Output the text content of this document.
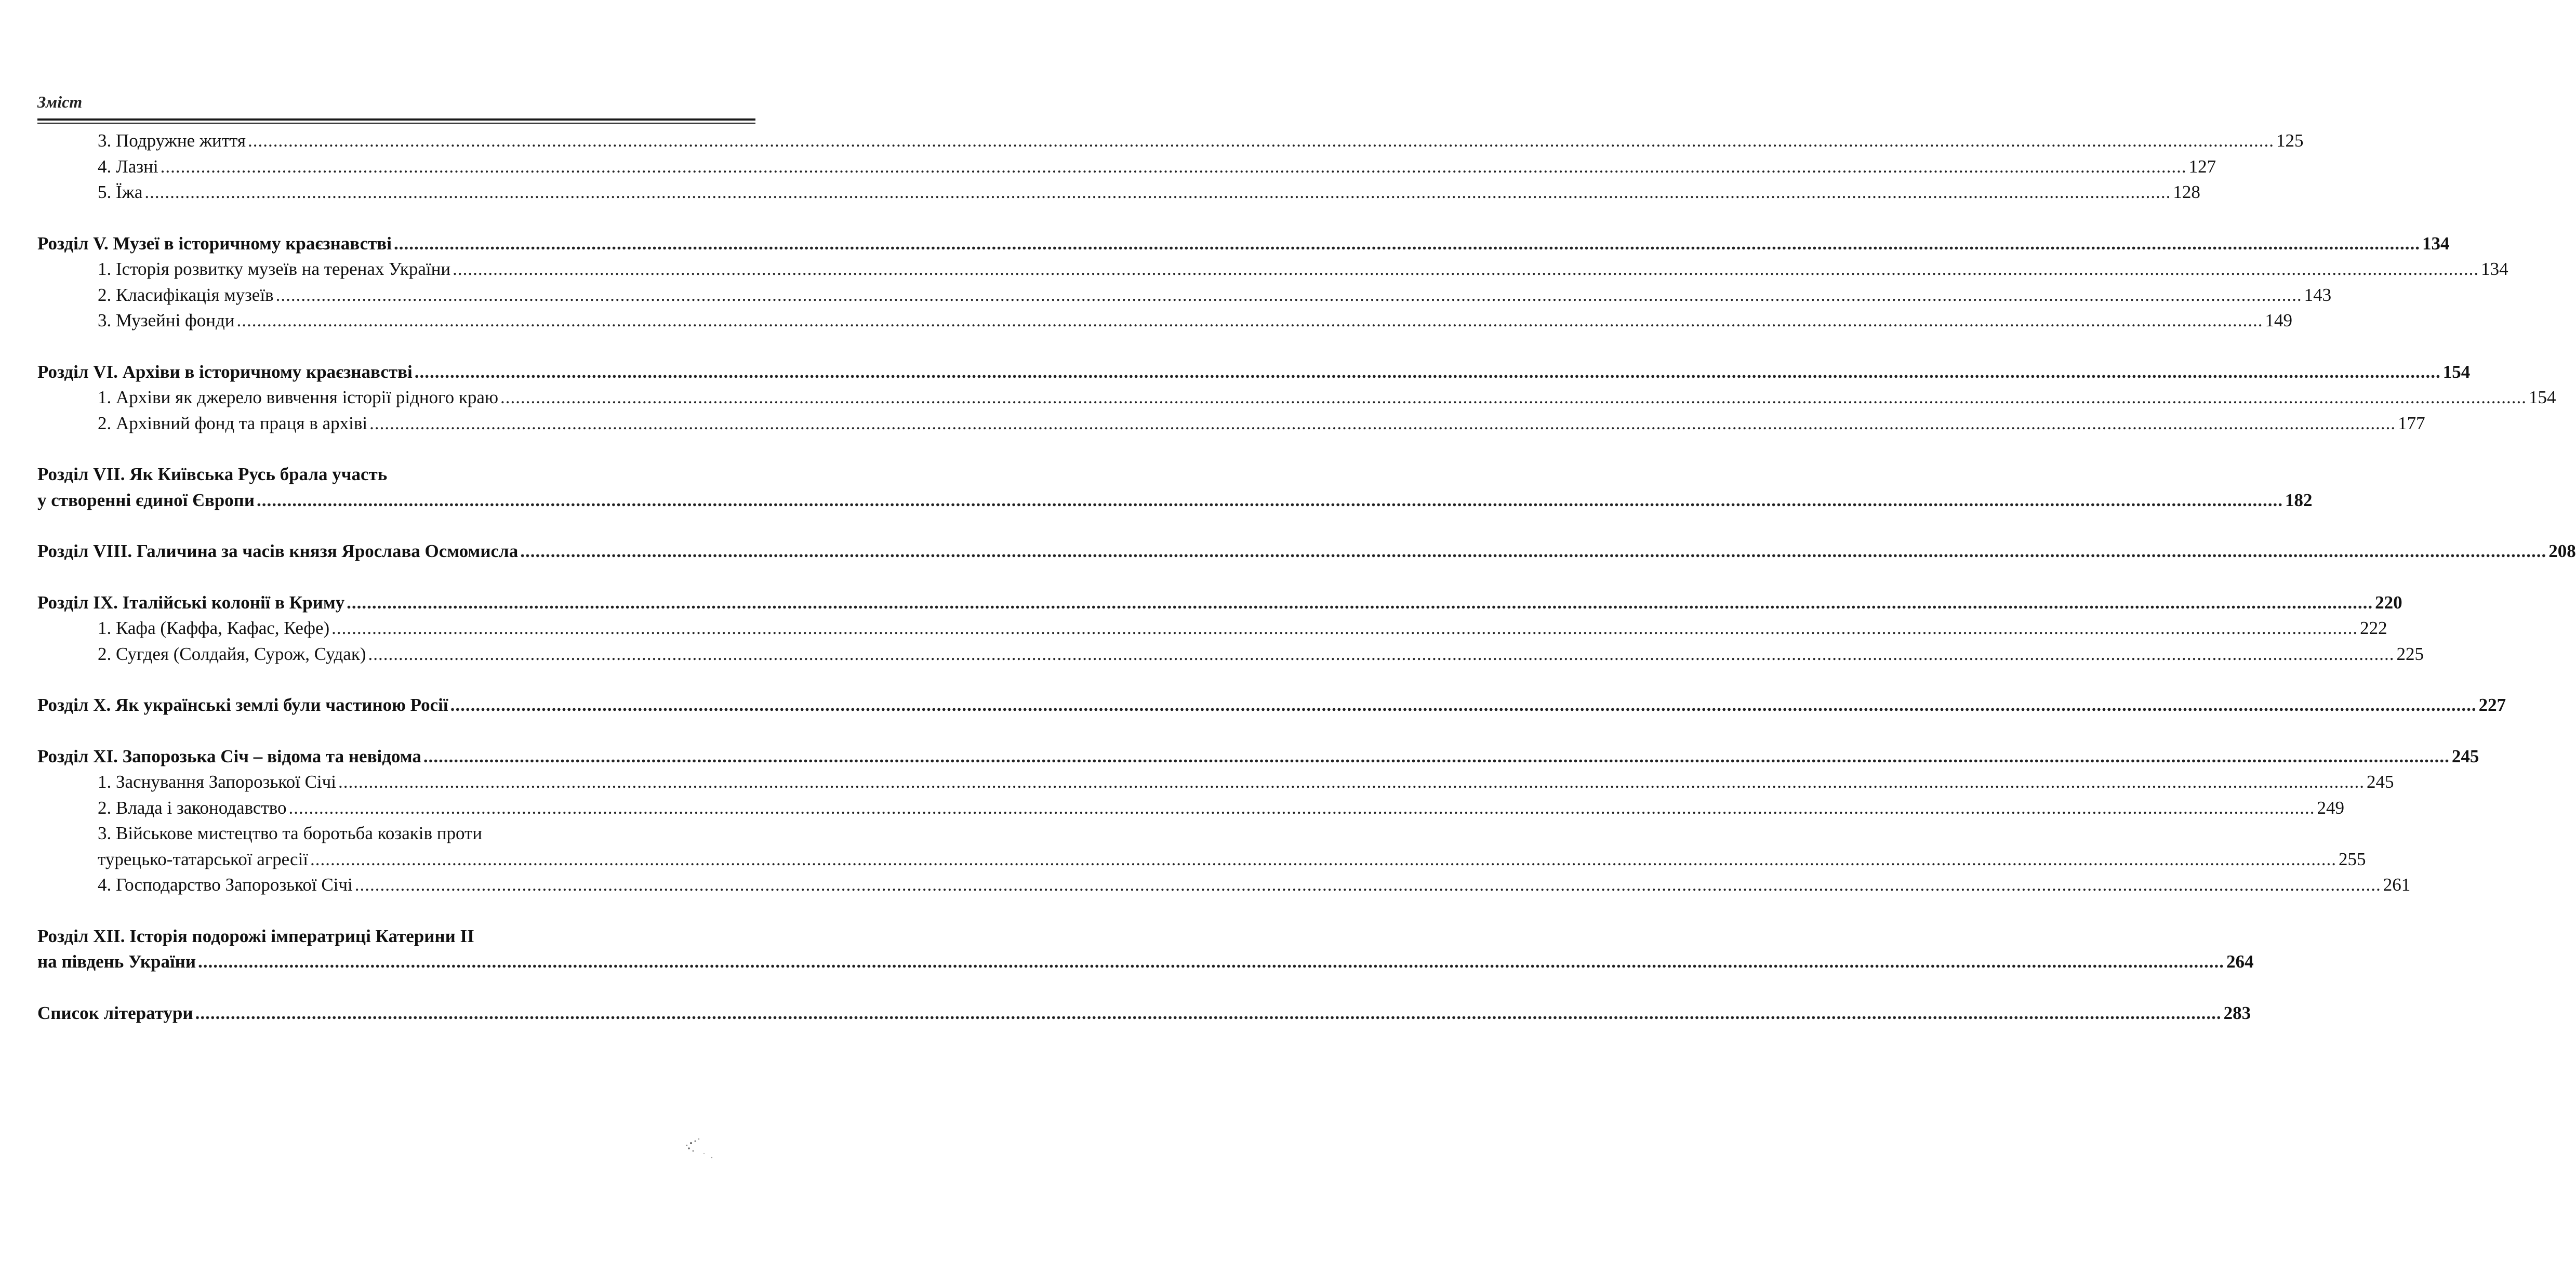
Зміст
3. Подружне життя ................................................................................................................................................................................................................................................................................................................................................................................................................ 125
4. Лазні ................................................................................................................................................................................................................................................................................................................................................................................................................ 127
5. Їжа ................................................................................................................................................................................................................................................................................................................................................................................................................ 128
Розділ V. Музеї в історичному краєзнавстві ................................................................................................................................................................................................................................................................................................................................................................................................................ 134
1. Історія розвитку музеїв на теренах України ................................................................................................................................................................................................................................................................................................................................................................................................................ 134
2. Класифікація музеїв ................................................................................................................................................................................................................................................................................................................................................................................................................ 143
3. Музейні фонди ................................................................................................................................................................................................................................................................................................................................................................................................................ 149
Розділ VI. Архіви в історичному краєзнавстві ................................................................................................................................................................................................................................................................................................................................................................................................................ 154
1. Архіви як джерело вивчення історії рідного краю ................................................................................................................................................................................................................................................................................................................................................................................................................ 154
2. Архівний фонд та праця в архіві ................................................................................................................................................................................................................................................................................................................................................................................................................ 177
Розділ VII. Як Київська Русь брала участь
у створенні єдиної Європи ................................................................................................................................................................................................................................................................................................................................................................................................................ 182
Розділ VIII. Галичина за часів князя Ярослава Осмомисла ................................................................................................................................................................................................................................................................................................................................................................................................................ 208
Розділ IX. Італійські колонії в Криму ................................................................................................................................................................................................................................................................................................................................................................................................................ 220
1. Кафа (Каффа, Кафас, Кефе) ................................................................................................................................................................................................................................................................................................................................................................................................................ 222
2. Сугдея (Солдайя, Сурож, Судак) ................................................................................................................................................................................................................................................................................................................................................................................................................ 225
Розділ X. Як українські землі були частиною Росії ................................................................................................................................................................................................................................................................................................................................................................................................................ 227
Розділ XI. Запорозька Січ – відома та невідома ................................................................................................................................................................................................................................................................................................................................................................................................................ 245
1. Заснування Запорозької Січі ................................................................................................................................................................................................................................................................................................................................................................................................................ 245
2. Влада і законодавство ................................................................................................................................................................................................................................................................................................................................................................................................................ 249
3. Військове мистецтво та боротьба козаків проти
турецько-татарської агресії ................................................................................................................................................................................................................................................................................................................................................................................................................ 255
4. Господарство Запорозької Січі ................................................................................................................................................................................................................................................................................................................................................................................................................ 261
Розділ XII. Історія подорожі імператриці Катерини II
на південь України ................................................................................................................................................................................................................................................................................................................................................................................................................ 264
Список літератури ................................................................................................................................................................................................................................................................................................................................................................................................................ 283
